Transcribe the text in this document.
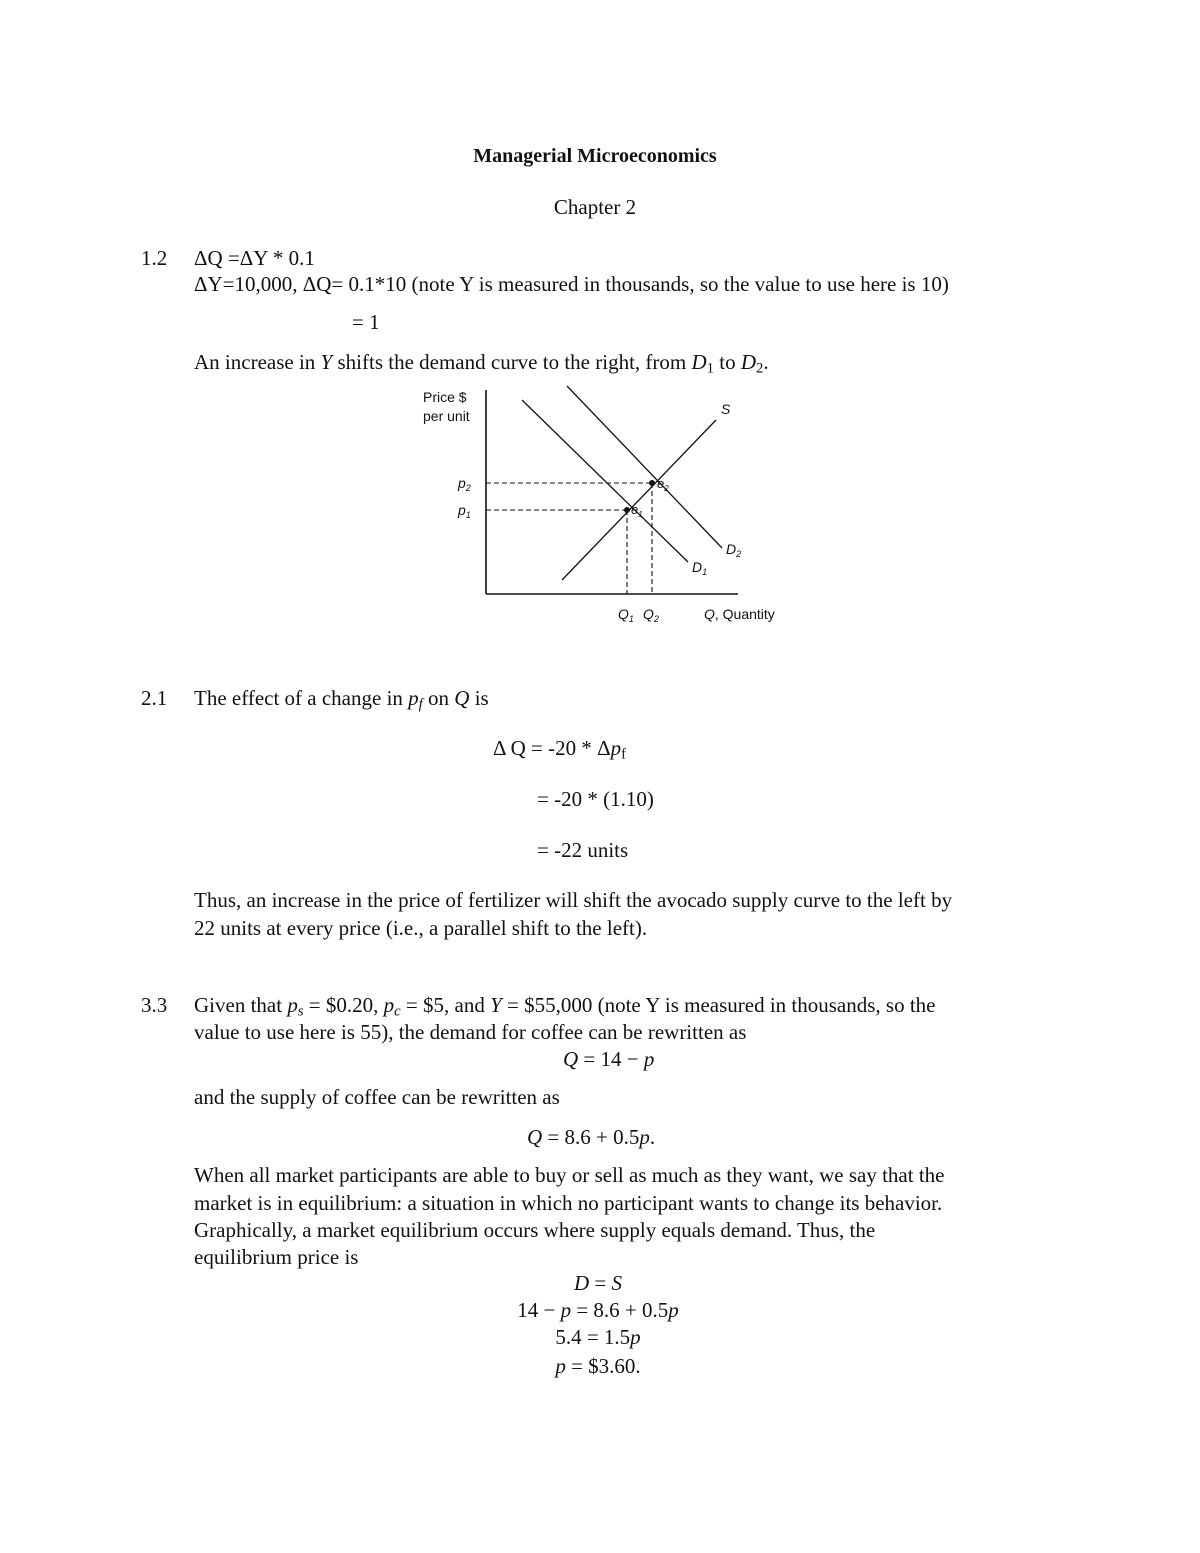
Managerial Microeconomics
Chapter 2
1.2 ΔQ =ΔY * 0.1
ΔY=10,000, ΔQ= 0.1*10 (note Y is measured in thousands, so the value to use here is 10)
= 1
An increase in Y shifts the demand curve to the right, from $D_1$ to $D_2$.
Price $
per unit
$p_2$
$p_1$
$Q_1$ $Q_2$	Q, Quantity
S
$D_2$
$D_1$
$e_2$
$e_1$
2.1 The effect of a change in $p_f$ on Q is
Δ $Q = -20 * \Delta p_f$
= -20 * (1.10)
= -22 units
Thus, an increase in the price of fertilizer will shift the avocado supply curve to the left by
22 units at every price (i.e., a parallel shift to the left).
3.3 Given that $p_s$ = $0.20, $p_c$ = $5, and Y = $55,000 (note Y is measured in thousands, so the
value to use here is 55), the demand for coffee can be rewritten as
Q = 14 − p
and the supply of coffee can be rewritten as
Q = 8.6 + 0.5p.
When all market participants are able to buy or sell as much as they want, we say that the
market is in equilibrium: a situation in which no participant wants to change its behavior.
Graphically, a market equilibrium occurs where supply equals demand. Thus, the
equilibrium price is
D = S
14 − p = 8.6 + 0.5p
5.4 = 1.5p
p = $3.60.
